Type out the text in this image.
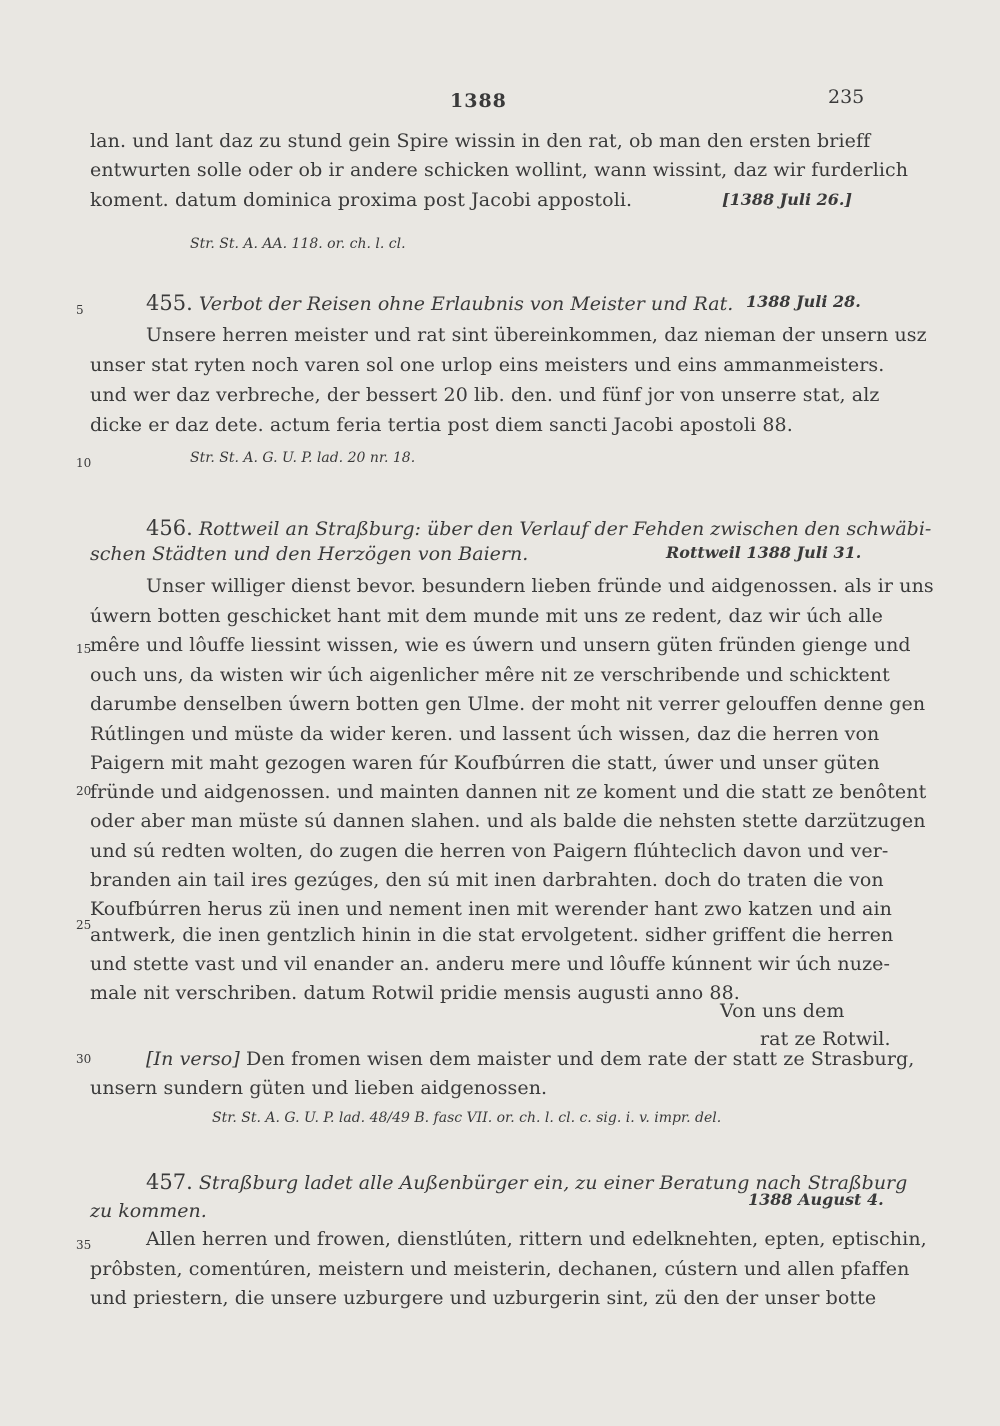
1388	235
lan. und lant daz zu stund gein Spire wissin in den rat, ob man den ersten brieff
entwurten solle oder ob ir andere schicken wollint, wann wissint, daz wir furderlich
koment. datum dominica proxima post Jacobi appostoli.	[1388 Juli 26.]
Str. St. A. AA. 118. or. ch. l. cl.
5	455. Verbot der Reisen ohne Erlaubnis von Meister und Rat. 1388 Juli 28.
Unsere herren meister und rat sint übereinkommen, daz nieman der unsern usz
unser stat ryten noch varen sol one urlop eins meisters und eins ammanmeisters.
und wer daz verbreche, der bessert 20 lib. den. und fünf jor von unserre stat, alz
dicke er daz dete. actum feria tertia post diem sancti Jacobi apostoli 88.
10	Str. St. A. G. U. P. lad. 20 nr. 18.
456. Rottweil an Straßburg: über den Verlauf der Fehden zwischen den schwäbi-
schen Städten und den Herzögen von Baiern.	Rottweil 1388 Juli 31.
Unser williger dienst bevor. besundern lieben fründe und aidgenossen. als ir uns
úwern botten geschicket hant mit dem munde mit uns ze redent, daz wir úch alle
15
mêre und lôuffe liessint wissen, wie es úwern und unsern güten fründen gienge und
ouch uns, da wisten wir úch aigenlicher mêre nit ze verschribende und schicktent
darumbe denselben úwern botten gen Ulme. der moht nit verrer gelouffen denne gen
Rútlingen und müste da wider keren. und lassent úch wissen, daz die herren von
Paigern mit maht gezogen waren fúr Koufbúrren die statt, úwer und unser güten
20
fründe und aidgenossen. und mainten dannen nit ze koment und die statt ze benôtent
oder aber man müste sú dannen slahen. und als balde die nehsten stette darzützugen
und sú redten wolten, do zugen die herren von Paigern flúhteclich davon und ver-
branden ain tail ires gezúges, den sú mit inen darbrahten. doch do traten die von
Koufbúrren herus zü inen und nement inen mit werender hant zwo katzen und ain
25
antwerk, die inen gentzlich hinin in die stat ervolgetent. sidher griffent die herren
und stette vast und vil enander an. anderu mere und lôuffe kúnnent wir úch nuze-
male nit verschriben. datum Rotwil pridie mensis augusti anno 88.
Von uns dem
rat ze Rotwil.
30	[In verso] Den fromen wisen dem maister und dem rate der statt ze Strasburg,
unsern sundern güten und lieben aidgenossen.
Str. St. A. G. U. P. lad. 48/49 B. fasc VII. or. ch. l. cl. c. sig. i. v. impr. del.
457. Straßburg ladet alle Außenbürger ein, zu einer Beratung nach Straßburg
zu kommen.
1388 August 4.
35	Allen herren und frowen, dienstlúten, rittern und edelknehten, epten, eptischin,
prôbsten, comentúren, meistern und meisterin, dechanen, cústern und allen pfaffen
und priestern, die unsere uzburgere und uzburgerin sint, zü den der unser botte
